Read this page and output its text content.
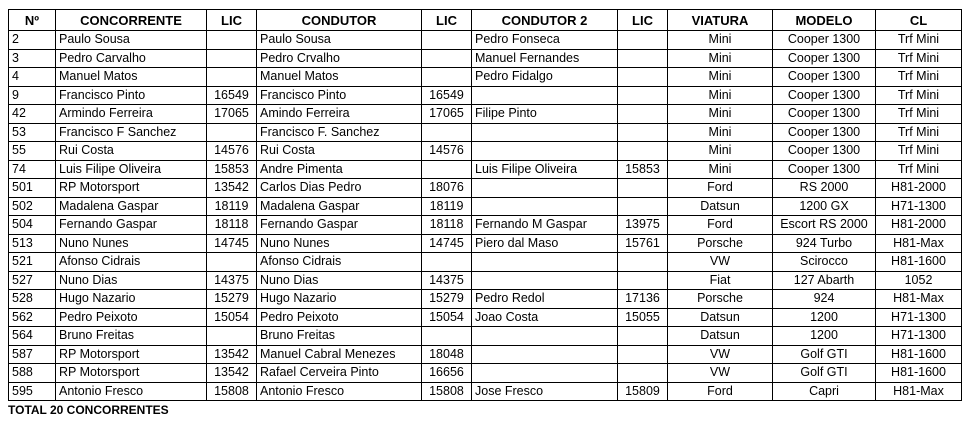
Nº	CONCORRENTE	LIC	CONDUTOR	LIC	CONDUTOR 2	LIC	VIATURA	MODELO	CL
2	Paulo Sousa		Paulo Sousa		Pedro Fonseca		Mini	Cooper 1300	Trf Mini
3	Pedro Carvalho		Pedro Crvalho		Manuel Fernandes		Mini	Cooper 1300	Trf Mini
4	Manuel Matos		Manuel Matos		Pedro Fidalgo		Mini	Cooper 1300	Trf Mini
9	Francisco Pinto	16549	Francisco Pinto	16549			Mini	Cooper 1300	Trf Mini
42	Armindo Ferreira	17065	Amindo Ferreira	17065	Filipe Pinto		Mini	Cooper 1300	Trf Mini
53	Francisco F Sanchez		Francisco F. Sanchez				Mini	Cooper 1300	Trf Mini
55	Rui Costa	14576	Rui Costa	14576			Mini	Cooper 1300	Trf Mini
74	Luis Filipe Oliveira	15853	Andre Pimenta		Luis Filipe Oliveira	15853	Mini	Cooper 1300	Trf Mini
501	RP Motorsport	13542	Carlos Dias Pedro	18076			Ford	RS 2000	H81-2000
502	Madalena Gaspar	18119	Madalena Gaspar	18119			Datsun	1200 GX	H71-1300
504	Fernando Gaspar	18118	Fernando Gaspar	18118	Fernando M Gaspar	13975	Ford	Escort RS 2000	H81-2000
513	Nuno Nunes	14745	Nuno Nunes	14745	Piero dal Maso	15761	Porsche	924 Turbo	H81-Max
521	Afonso Cidrais		Afonso Cidrais				VW	Scirocco	H81-1600
527	Nuno Dias	14375	Nuno Dias	14375			Fiat	127 Abarth	1052
528	Hugo Nazario	15279	Hugo Nazario	15279	Pedro Redol	17136	Porsche	924	H81-Max
562	Pedro Peixoto	15054	Pedro Peixoto	15054	Joao Costa	15055	Datsun	1200	H71-1300
564	Bruno Freitas		Bruno Freitas				Datsun	1200	H71-1300
587	RP Motorsport	13542	Manuel Cabral Menezes	18048			VW	Golf GTI	H81-1600
588	RP Motorsport	13542	Rafael Cerveira Pinto	16656			VW	Golf GTI	H81-1600
595	Antonio Fresco	15808	Antonio Fresco	15808	Jose Fresco	15809	Ford	Capri	H81-Max
TOTAL 20 CONCORRENTES
